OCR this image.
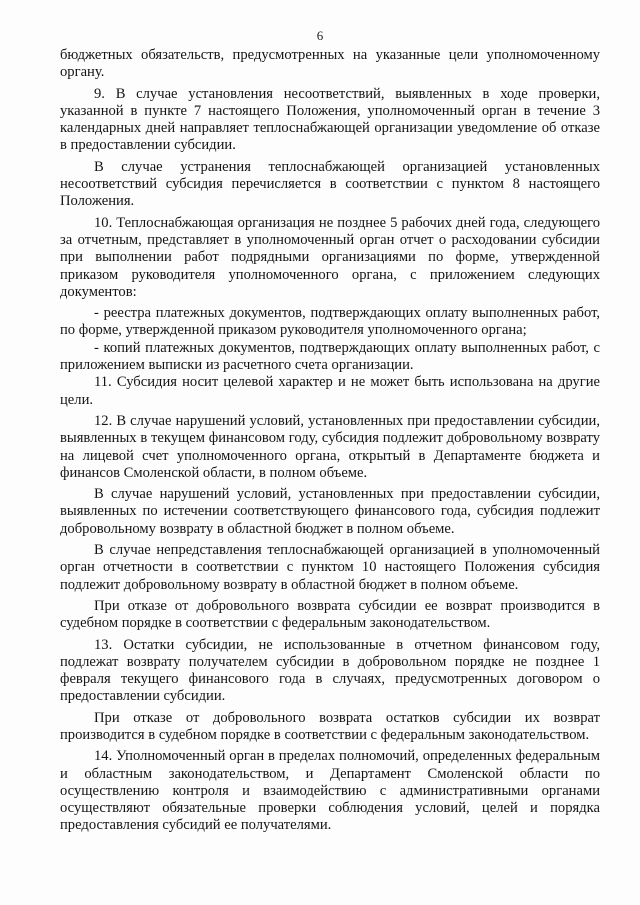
6

бюджетных обязательств, предусмотренных на указанные цели уполномоченному органу.

9. В случае установления несоответствий, выявленных в ходе проверки, указанной в пункте 7 настоящего Положения, уполномоченный орган в течение 3 календарных дней направляет теплоснабжающей организации уведомление об отказе в предоставлении субсидии.

В случае устранения теплоснабжающей организацией установленных несоответствий субсидия перечисляется в соответствии с пунктом 8 настоящего Положения.

10. Теплоснабжающая организация не позднее 5 рабочих дней года, следующего за отчетным, представляет в уполномоченный орган отчет о расходовании субсидии при выполнении работ подрядными организациями по форме, утвержденной приказом руководителя уполномоченного органа, с приложением следующих документов:

- реестра платежных документов, подтверждающих оплату выполненных работ, по форме, утвержденной приказом руководителя уполномоченного органа;

- копий платежных документов, подтверждающих оплату выполненных работ, с приложением выписки из расчетного счета организации.

11. Субсидия носит целевой характер и не может быть использована на другие цели.

12. В случае нарушений условий, установленных при предоставлении субсидии, выявленных в текущем финансовом году, субсидия подлежит добровольному возврату на лицевой счет уполномоченного органа, открытый в Департаменте бюджета и финансов Смоленской области, в полном объеме.

В случае нарушений условий, установленных при предоставлении субсидии, выявленных по истечении соответствующего финансового года, субсидия подлежит добровольному возврату в областной бюджет в полном объеме.

В случае непредставления теплоснабжающей организацией в уполномоченный орган отчетности в соответствии с пунктом 10 настоящего Положения субсидия подлежит добровольному возврату в областной бюджет в полном объеме.

При отказе от добровольного возврата субсидии ее возврат производится в судебном порядке в соответствии с федеральным законодательством.

13. Остатки субсидии, не использованные в отчетном финансовом году, подлежат возврату получателем субсидии в добровольном порядке не позднее 1 февраля текущего финансового года в случаях, предусмотренных договором о предоставлении субсидии.

При отказе от добровольного возврата остатков субсидии их возврат производится в судебном порядке в соответствии с федеральным законодательством.

14. Уполномоченный орган в пределах полномочий, определенных федеральным и областным законодательством, и Департамент Смоленской области по осуществлению контроля и взаимодействию с административными органами осуществляют обязательные проверки соблюдения условий, целей и порядка предоставления субсидий ее получателями.
